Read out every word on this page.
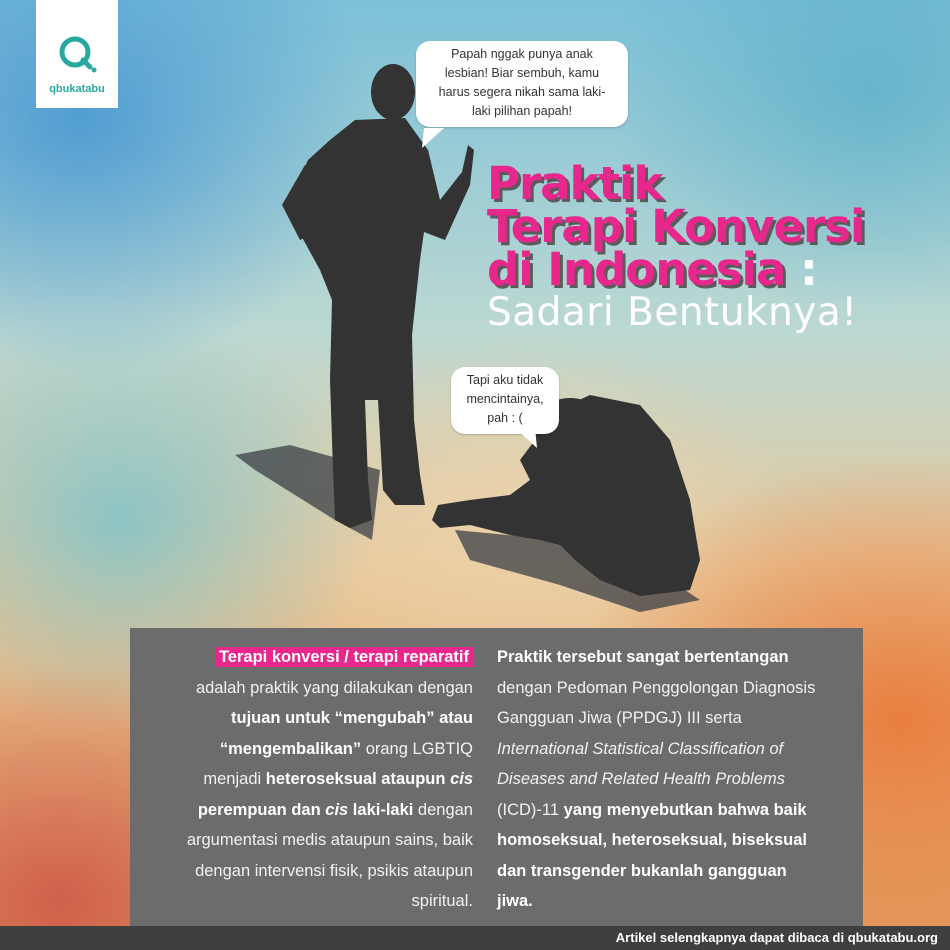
qbukatabu
Papah nggak punya anak
lesbian! Biar sembuh, kamu
harus segera nikah sama laki-
laki pilihan papah!
Tapi aku tidak
mencintainya,
pah : (
Praktik
Terapi Konversi
di Indonesia :
Sadari Bentuknya!
Terapi konversi / terapi reparatif
adalah praktik yang dilakukan dengan
tujuan untuk “mengubah” atau
“mengembalikan” orang LGBTIQ
menjadi heteroseksual ataupun cis
perempuan dan cis laki-laki dengan
argumentasi medis ataupun sains, baik
dengan intervensi fisik, psikis ataupun
spiritual.
Praktik tersebut sangat bertentangan
dengan Pedoman Penggolongan Diagnosis
Gangguan Jiwa (PPDGJ) III serta
International Statistical Classification of
Diseases and Related Health Problems
(ICD)-11 yang menyebutkan bahwa baik
homoseksual, heteroseksual, biseksual
dan transgender bukanlah gangguan
jiwa.
Artikel selengkapnya dapat dibaca di qbukatabu.org
